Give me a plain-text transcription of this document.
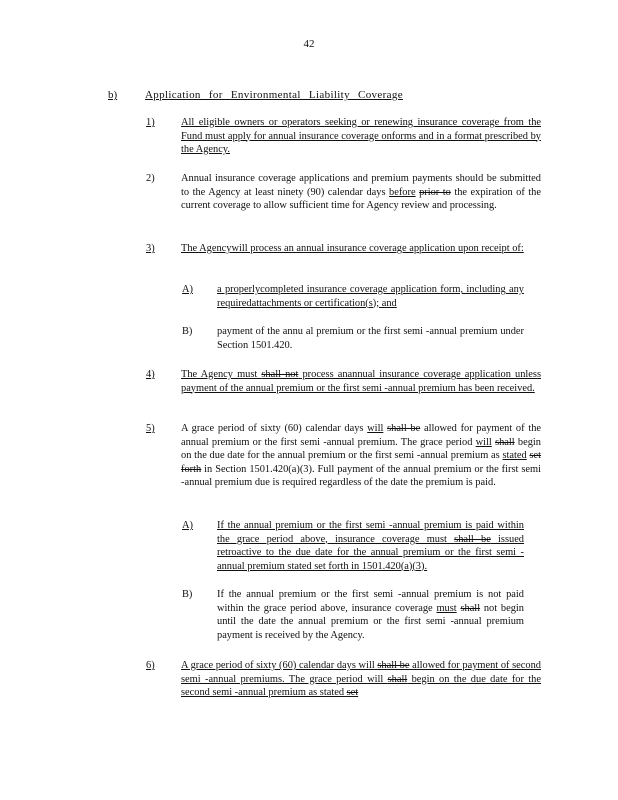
42
b)	Application for Environmental Liability Coverage
1)	All eligible owners or operators seeking or renewing insurance coverage from the Fund must apply for annual insurance coverage onforms and in a format prescribed by the Agency.
2)	Annual insurance coverage applications and premium payments should be submitted to the Agency at least ninety (90) calendar days before prior to the expiration of the current coverage to allow sufficient time for Agency review and processing.
3)	The Agencywill process an annual insurance coverage application upon receipt of:
A)	a properlycompleted insurance coverage application form, including any requiredattachments or certification(s); and
B)	payment of the annu al premium or the first semi -annual premium under Section 1501.420.
4)	The Agency must shall not process anannual insurance coverage application unless payment of the annual premium or the first semi -annual premium has been received.
5)	A grace period of sixty (60) calendar days will shall be allowed for payment of the annual premium or the first semi -annual premium. The grace period will shall begin on the due date for the annual premium or the first semi -annual premium as stated set forth in Section 1501.420(a)(3). Full payment of the annual premium or the first semi -annual premium due is required regardless of the date the premium is paid.
A)	If the annual premium or the first semi -annual premium is paid within the grace period above, insurance coverage must shall be issued retroactive to the due date for the annual premium or the first semi -annual premium stated set forth in 1501.420(a)(3).
B)	If the annual premium or the first semi -annual premium is not paid within the grace period above, insurance coverage must shall not begin until the date the annual premium or the first semi -annual premium payment is received by the Agency.
6)	A grace period of sixty (60) calendar days will shall be allowed for payment of second semi -annual premiums. The grace period will shall begin on the due date for the second semi -annual premium as stated set
